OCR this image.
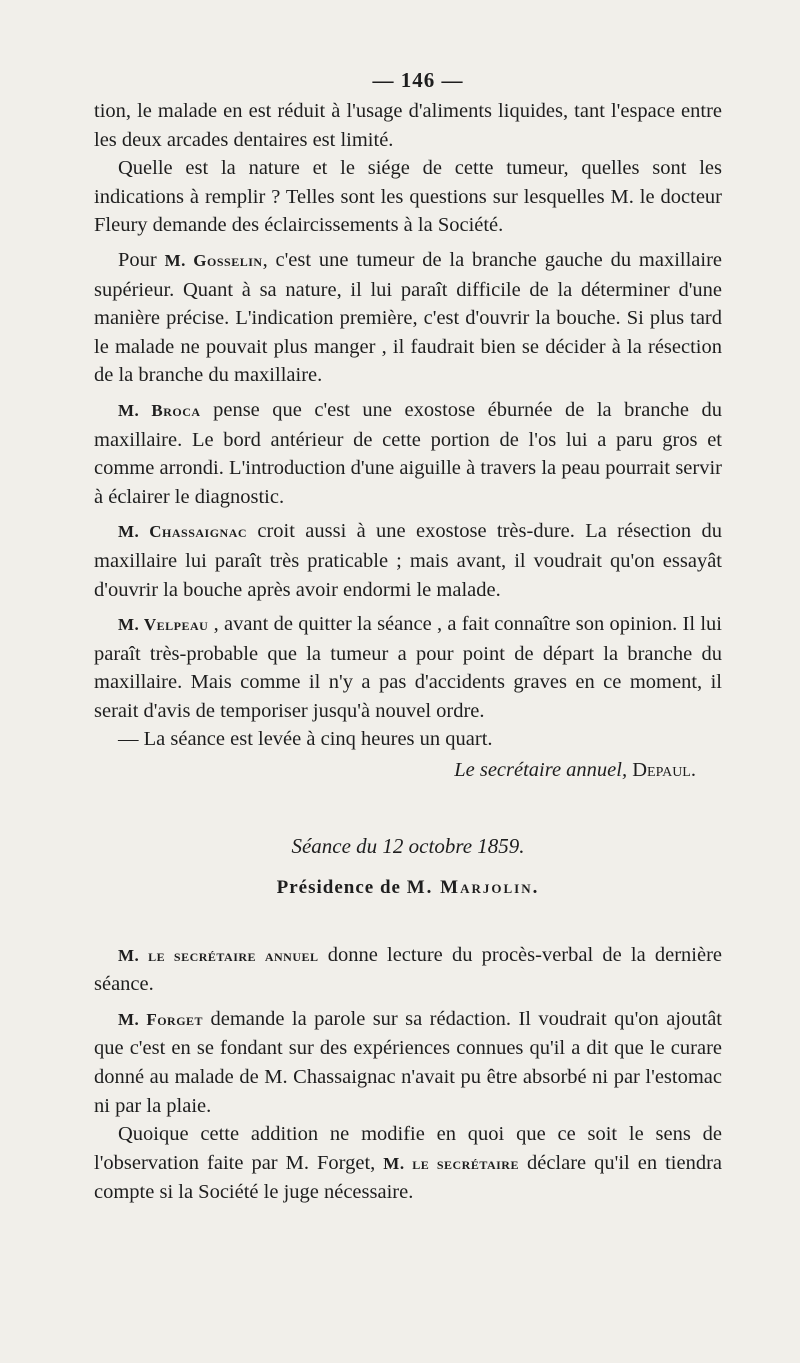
— 146 —

tion, le malade en est réduit à l'usage d'aliments liquides, tant l'espace entre les deux arcades dentaires est limité.

Quelle est la nature et le siége de cette tumeur, quelles sont les indications à remplir ? Telles sont les questions sur lesquelles M. le docteur Fleury demande des éclaircissements à la Société.

Pour M. Gosselin, c'est une tumeur de la branche gauche du maxillaire supérieur. Quant à sa nature, il lui paraît difficile de la déterminer d'une manière précise. L'indication première, c'est d'ouvrir la bouche. Si plus tard le malade ne pouvait plus manger , il faudrait bien se décider à la résection de la branche du maxillaire.

M. Broca pense que c'est une exostose éburnée de la branche du maxillaire. Le bord antérieur de cette portion de l'os lui a paru gros et comme arrondi. L'introduction d'une aiguille à travers la peau pourrait servir à éclairer le diagnostic.

M. Chassaignac croit aussi à une exostose très-dure. La résection du maxillaire lui paraît très praticable ; mais avant, il voudrait qu'on essayât d'ouvrir la bouche après avoir endormi le malade.

M. Velpeau , avant de quitter la séance , a fait connaître son opinion. Il lui paraît très-probable que la tumeur a pour point de départ la branche du maxillaire. Mais comme il n'y a pas d'accidents graves en ce moment, il serait d'avis de temporiser jusqu'à nouvel ordre.

— La séance est levée à cinq heures un quart.

Le secrétaire annuel, Depaul.
Séance du 12 octobre 1859.
Présidence de M. Marjolin.

M. le secrétaire annuel donne lecture du procès-verbal de la dernière séance.

M. Forget demande la parole sur sa rédaction. Il voudrait qu'on ajoutât que c'est en se fondant sur des expériences connues qu'il a dit que le curare donné au malade de M. Chassaignac n'avait pu être absorbé ni par l'estomac ni par la plaie.

Quoique cette addition ne modifie en quoi que ce soit le sens de l'observation faite par M. Forget, M. le secrétaire déclare qu'il en tiendra compte si la Société le juge nécessaire.
